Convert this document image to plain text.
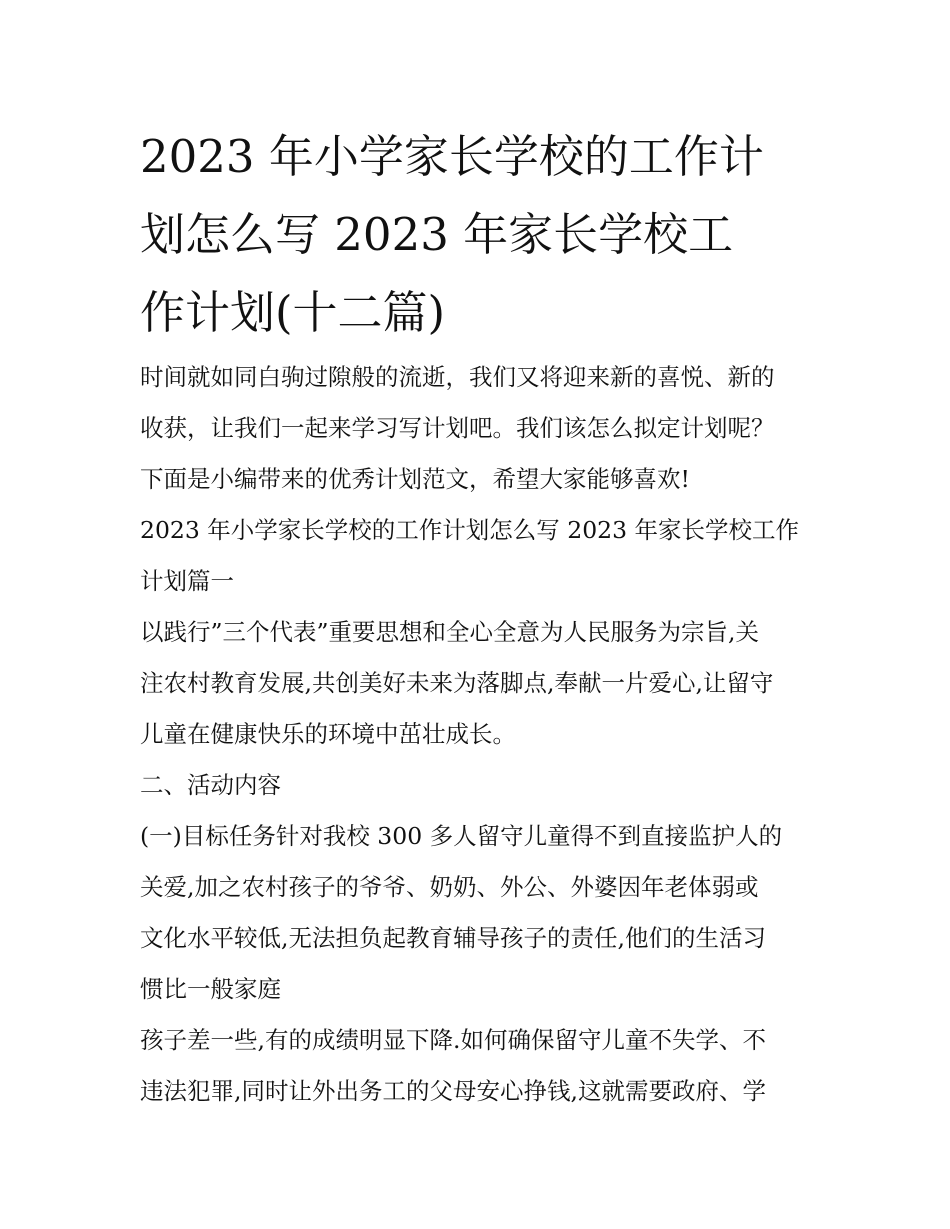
2023 年小学家长学校的工作计
划怎么写 2023 年家长学校工
作计划(十二篇)

时间就如同白驹过隙般的流逝，我们又将迎来新的喜悦、新的

收获，让我们一起来学习写计划吧。我们该怎么拟定计划呢？

下面是小编带来的优秀计划范文，希望大家能够喜欢!

2023 年小学家长学校的工作计划怎么写 2023 年家长学校工作

计划篇一

以践行”三个代表”重要思想和全心全意为人民服务为宗旨,关

注农村教育发展,共创美好未来为落脚点,奉献一片爱心,让留守

儿童在健康快乐的环境中茁壮成长。

二、活动内容

(一)目标任务针对我校 300 多人留守儿童得不到直接监护人的

关爱,加之农村孩子的爷爷、奶奶、外公、外婆因年老体弱或

文化水平较低,无法担负起教育辅导孩子的责任,他们的生活习

惯比一般家庭

孩子差一些,有的成绩明显下降.如何确保留守儿童不失学、不

违法犯罪,同时让外出务工的父母安心挣钱,这就需要政府、学
